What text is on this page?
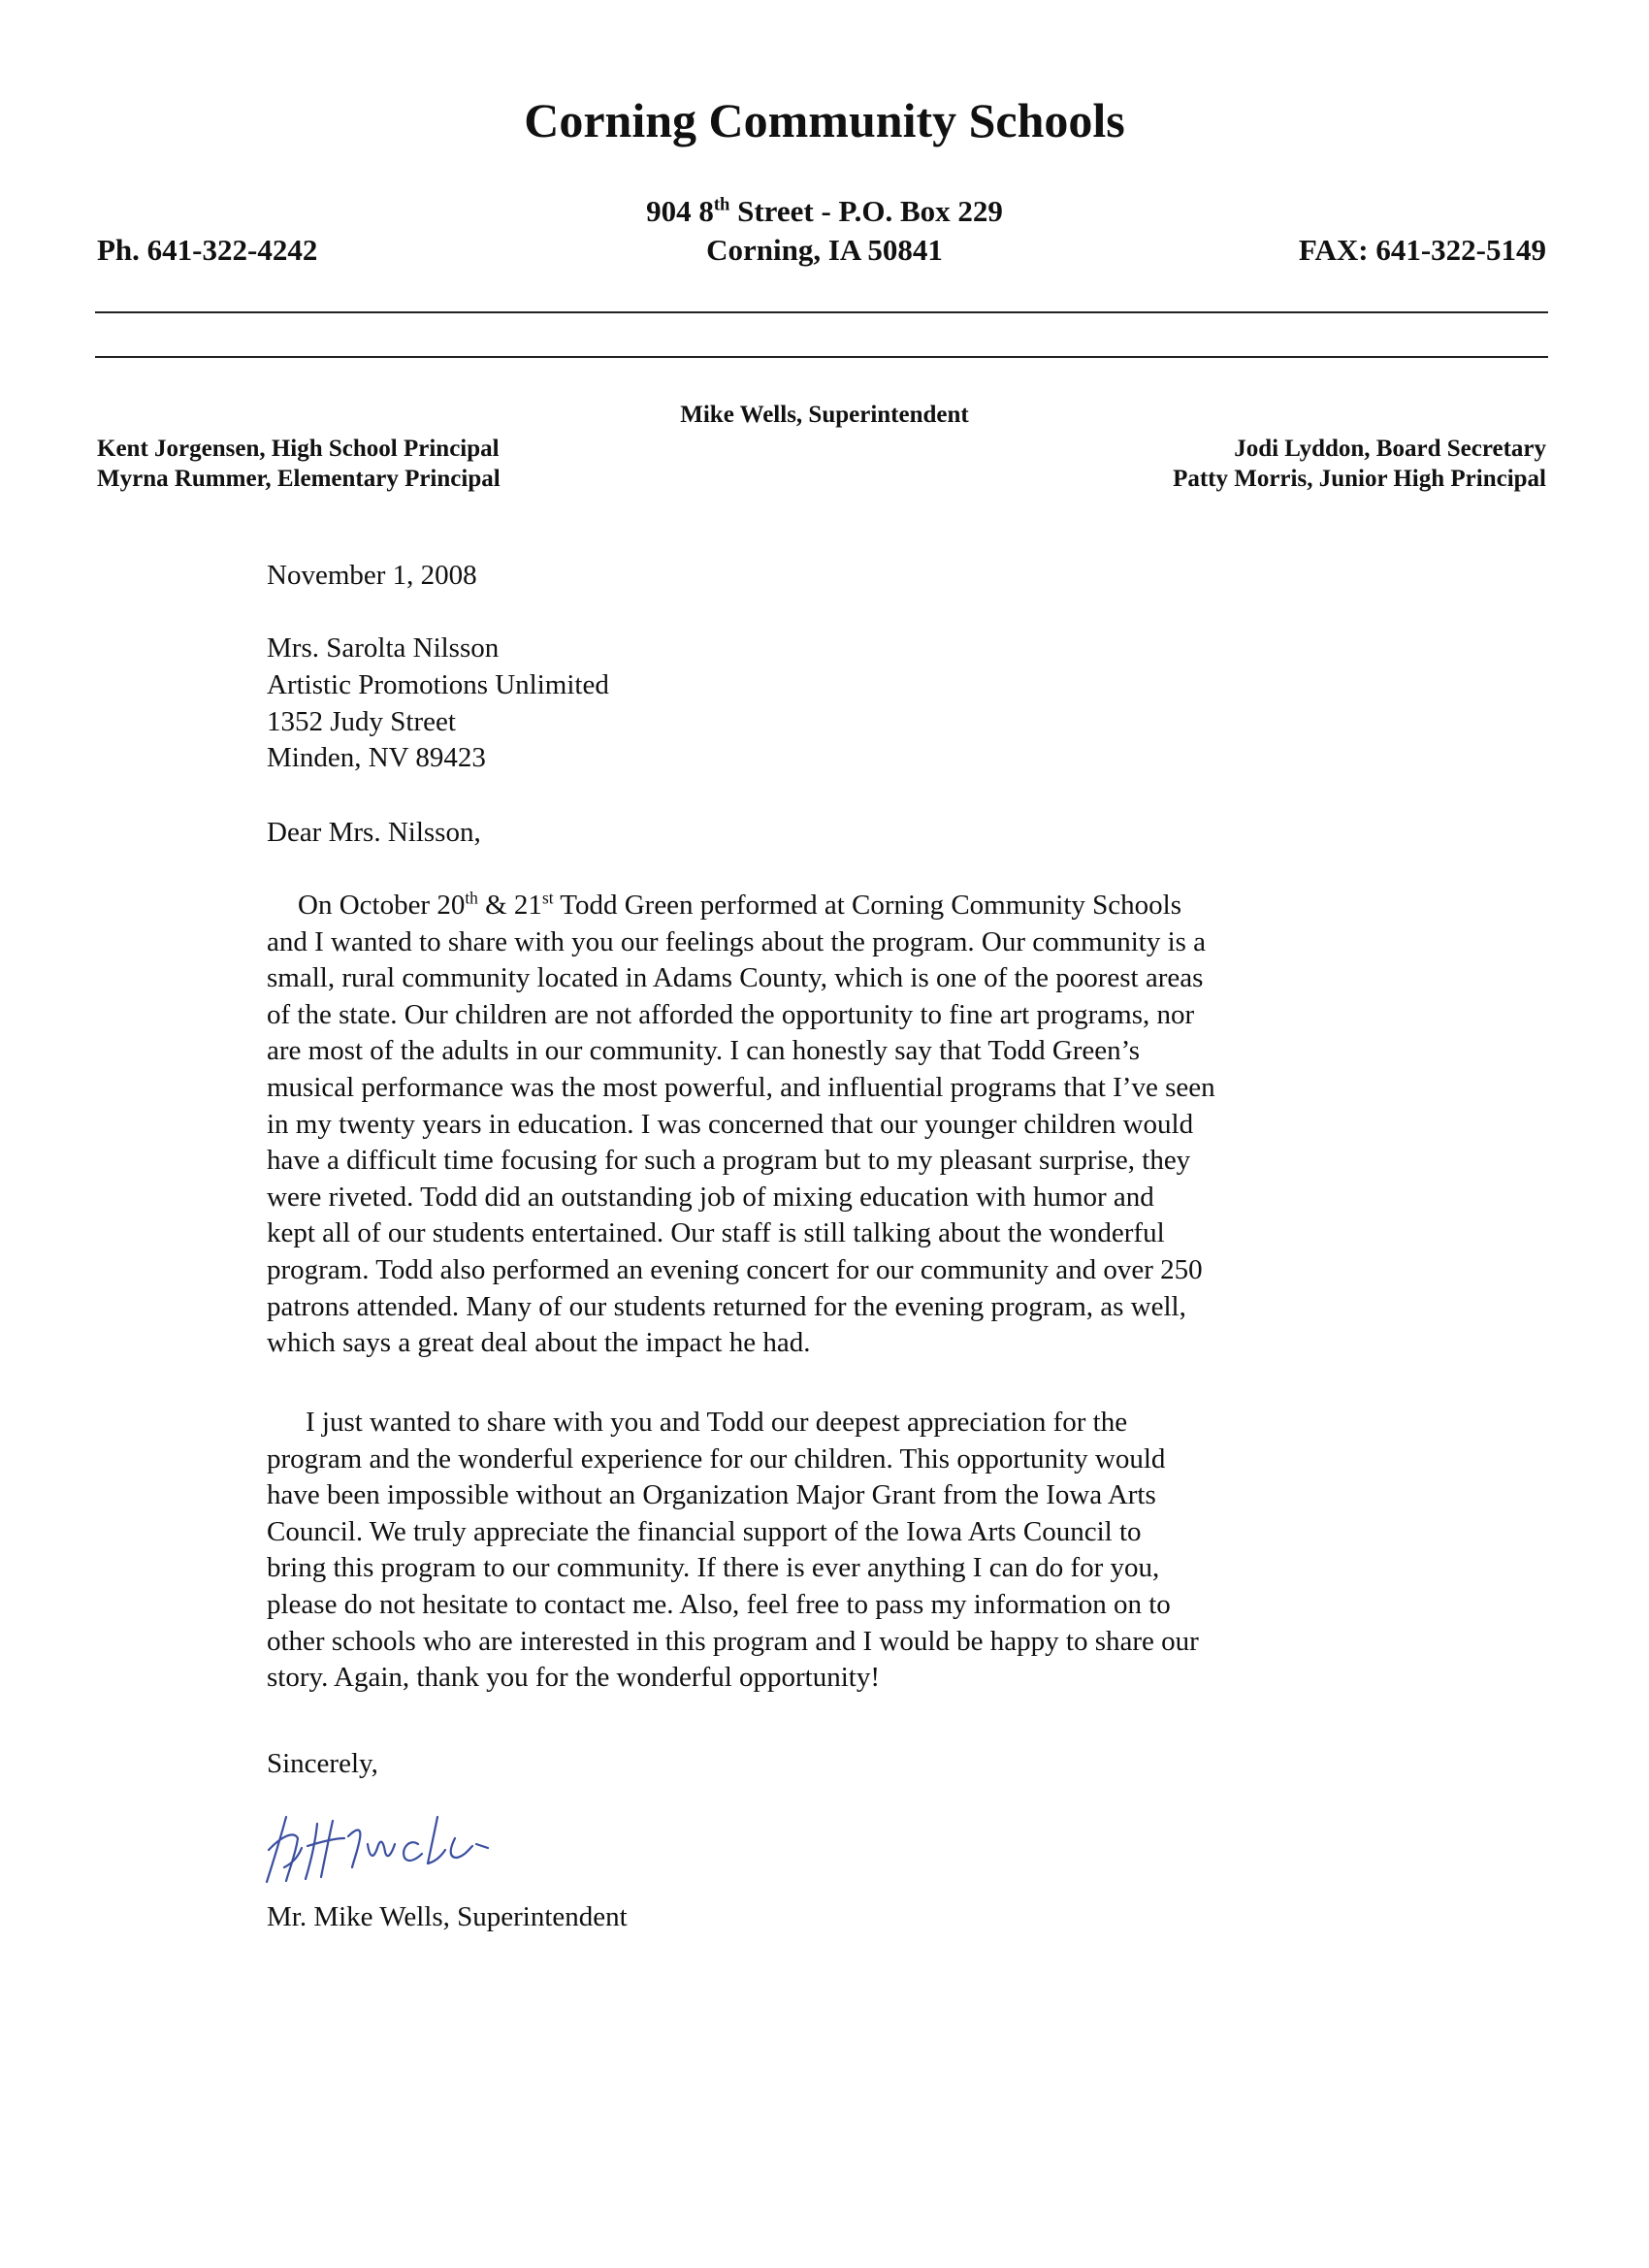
Corning Community Schools
904 8th Street - P.O. Box 229
Corning, IA 50841
Ph. 641-322-4242	FAX: 641-322-5149
Mike Wells, Superintendent
Kent Jorgensen, High School Principal
Myrna Rummer, Elementary Principal
Jodi Lyddon, Board Secretary
Patty Morris, Junior High Principal
November 1, 2008
Mrs. Sarolta Nilsson
Artistic Promotions Unlimited
1352 Judy Street
Minden, NV 89423
Dear Mrs. Nilsson,
On October 20th & 21st Todd Green performed at Corning Community Schools
and I wanted to share with you our feelings about the program. Our community is a
small, rural community located in Adams County, which is one of the poorest areas
of the state. Our children are not afforded the opportunity to fine art programs, nor
are most of the adults in our community. I can honestly say that Todd Green’s
musical performance was the most powerful, and influential programs that I’ve seen
in my twenty years in education. I was concerned that our younger children would
have a difficult time focusing for such a program but to my pleasant surprise, they
were riveted. Todd did an outstanding job of mixing education with humor and
kept all of our students entertained. Our staff is still talking about the wonderful
program. Todd also performed an evening concert for our community and over 250
patrons attended. Many of our students returned for the evening program, as well,
which says a great deal about the impact he had.
I just wanted to share with you and Todd our deepest appreciation for the
program and the wonderful experience for our children. This opportunity would
have been impossible without an Organization Major Grant from the Iowa Arts
Council. We truly appreciate the financial support of the Iowa Arts Council to
bring this program to our community. If there is ever anything I can do for you,
please do not hesitate to contact me. Also, feel free to pass my information on to
other schools who are interested in this program and I would be happy to share our
story. Again, thank you for the wonderful opportunity!
Sincerely,
Mr. Mike Wells, Superintendent
